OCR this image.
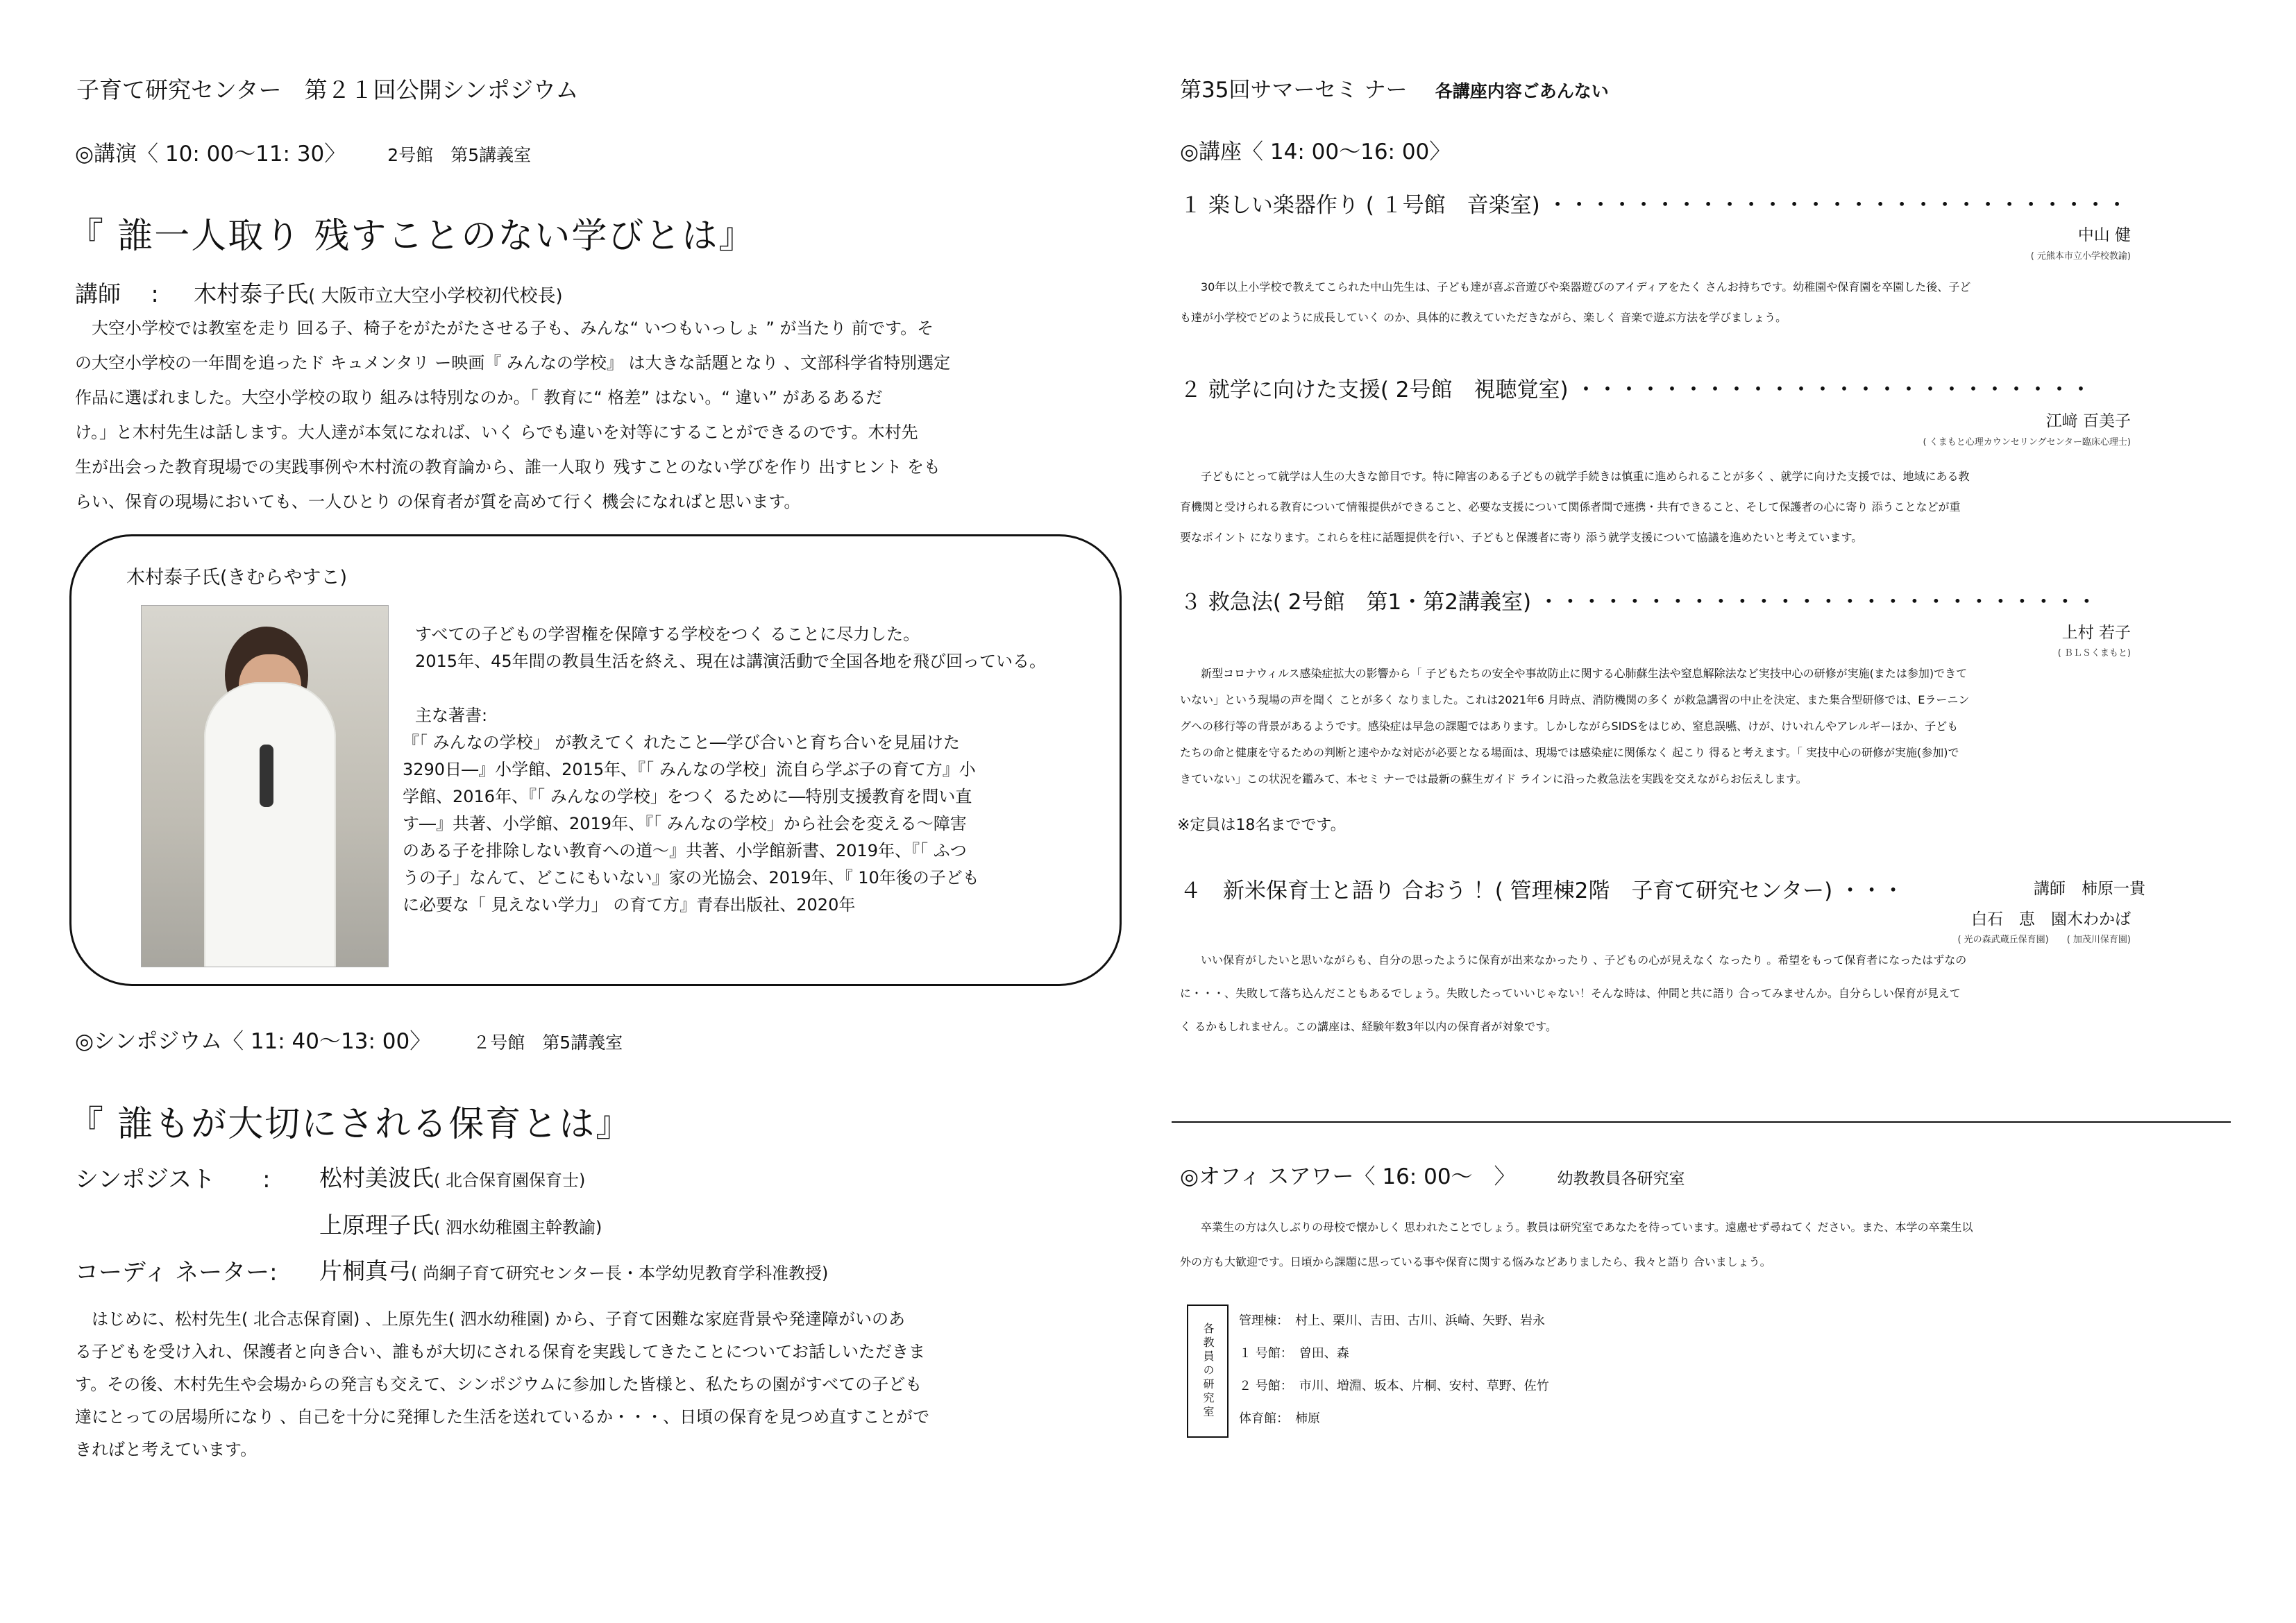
子育て研究センター　第２１回公開シンポジウム
◎講演〈 10: 00〜11: 30〉 2号館　第5講義室
『 誰一人取り 残すことのない学びとは』
講師　 : 木村泰子氏( 大阪市立大空小学校初代校長)

大空小学校では教室を走り 回る子、椅子をがたがたさせる子も、みんな“ いつもいっしょ ” が当たり 前です。そ

の大空小学校の一年間を追ったド キュメンタリ ー映画『 みんなの学校』 は大きな話題となり 、文部科学省特別選定

作品に選ばれました。大空小学校の取り 組みは特別なのか。「 教育に“ 格差” はない。“ 違い” があるあるだ

け。」と木村先生は話します。大人達が本気になれば、いく らでも違いを対等にすることができるのです。木村先

生が出会った教育現場での実践事例や木村流の教育論から、誰一人取り 残すことのない学びを作り 出すヒント をも

らい、保育の現場においても、一人ひとり の保育者が質を高めて行く 機会になればと思います。

木村泰子氏(きむらやすこ)
すべての子どもの学習権を保障する学校をつく ることに尽力した。
2015年、45年間の教員生活を終え、現在は講演活動で全国各地を飛び回っている。
主な著書:
『「 みんなの学校」 が教えてく れたこと―学び合いと育ち合いを見届けた
3290日―』小学館、2015年、『「 みんなの学校」流自ら学ぶ子の育て方』小
学館、2016年、『「 みんなの学校」をつく るために―特別支援教育を問い直
す―』共著、小学館、2019年、『「 みんなの学校」から社会を変える〜障害
のある子を排除しない教育への道〜』共著、小学館新書、2019年、『「 ふつ
うの子」なんて、どこにもいない』家の光協会、2019年、『 10年後の子ども
に必要な「 見えない学力」 の育て方』青春出版社、2020年
◎シンポジウム〈 11: 40〜13: 00〉 ２号館　第5講義室
『 誰もが大切にされる保育とは』
シンポジスト　　: 松村美波氏( 北合保育園保育士)
上原理子氏( 泗水幼稚園主幹教諭)
コーディ ネーター: 片桐真弓( 尚絅子育て研究センター長・本学幼児教育学科准教授)

はじめに、松村先生( 北合志保育園) 、上原先生( 泗水幼稚園) から、子育て困難な家庭背景や発達障がいのあ

る子どもを受け入れ、保護者と向き合い、誰もが大切にされる保育を実践してきたことについてお話しいただきま

す。その後、木村先生や会場からの発言も交えて、シンポジウムに参加した皆様と、私たちの園がすべての子ども

達にとっての居場所になり 、自己を十分に発揮した生活を送れているか・・・、日頃の保育を見つめ直すことがで

きればと考えています。

第35回サマーセミ ナー 各講座内容ごあんない
◎講座〈 14: 00〜16: 00〉
１ 楽しい楽器作り ( １号館　音楽室) ・・・・・・・・・・・・・・・・・・・・・・・・・・・
中山 健
( 元熊本市立小学校教諭)

30年以上小学校で教えてこられた中山先生は、子ども達が喜ぶ音遊びや楽器遊びのアイディアをたく さんお持ちです。幼稚園や保育園を卒園した後、子ど

も達が小学校でどのように成長していく のか、具体的に教えていただきながら、楽しく 音楽で遊ぶ方法を学びましょう。

２ 就学に向けた支援( 2号館　視聴覚室) ・・・・・・・・・・・・・・・・・・・・・・・・
江﨑 百美子
( くまもと心理カウンセリングセンター臨床心理士)

子どもにとって就学は人生の大きな節目です。特に障害のある子どもの就学手続きは慎重に進められることが多く 、就学に向けた支援では、地域にある教

育機関と受けられる教育について情報提供ができること、必要な支援について関係者間で連携・共有できること、そして保護者の心に寄り 添うことなどが重

要なポイント になります。これらを柱に話題提供を行い、子どもと保護者に寄り 添う就学支援について協議を進めたいと考えています。

３ 救急法( 2号館　第1・第2講義室) ・・・・・・・・・・・・・・・・・・・・・・・・・・
上村 若子
( ＢＬＳくまもと)

新型コロナウィルス感染症拡大の影響から「 子どもたちの安全や事故防止に関する心肺蘇生法や窒息解除法など実技中心の研修が実施(または参加)できて

いない」という現場の声を聞く ことが多く なりました。これは2021年6 月時点、消防機関の多く が救急講習の中止を決定、また集合型研修では、Eラーニン

グへの移行等の背景があるようです。感染症は早急の課題ではあります。しかしながらSIDSをはじめ、窒息誤嚥、けが、けいれんやアレルギーほか、子ども

たちの命と健康を守るための判断と速やかな対応が必要となる場面は、現場では感染症に関係なく 起こり 得ると考えます。「 実技中心の研修が実施(参加)で

きていない」この状況を鑑みて、本セミ ナーでは最新の蘇生ガイド ラインに沿った救急法を実践を交えながらお伝えします。

※定員は18名までです。
４　新米保育士と語り 合おう ！( 管理棟2階　子育て研究センター) ・・・	講師　柿原一貴
白石　恵　園木わかば
( 光の森武蔵丘保育園)　　( 加茂川保育園)

いい保育がしたいと思いながらも、自分の思ったように保育が出来なかったり 、子どもの心が見えなく なったり 。希望をもって保育者になったはずなの

に・・・、失敗して落ち込んだこともあるでしょう。失敗したっていいじゃない！そんな時は、仲間と共に語り 合ってみませんか。自分らしい保育が見えて

く るかもしれません。この講座は、経験年数3年以内の保育者が対象です。

◎オフィ スアワー〈 16: 00〜　〉	幼教教員各研究室

卒業生の方は久しぶりの母校で懐かしく 思われたことでしょう。教員は研究室であなたを待っています。遠慮せず尋ねてく ださい。また、本学の卒業生以

外の方も大歓迎です。日頃から課題に思っている事や保育に関する悩みなどありましたら、我々と語り 合いましょう。

各教員の研究室
管理棟：　村上、栗川、吉田、古川、浜崎、矢野、岩永
１ 号館：　曽田、森
２ 号館：　市川、増淵、坂本、片桐、安村、草野、佐竹
体育館：　柿原
